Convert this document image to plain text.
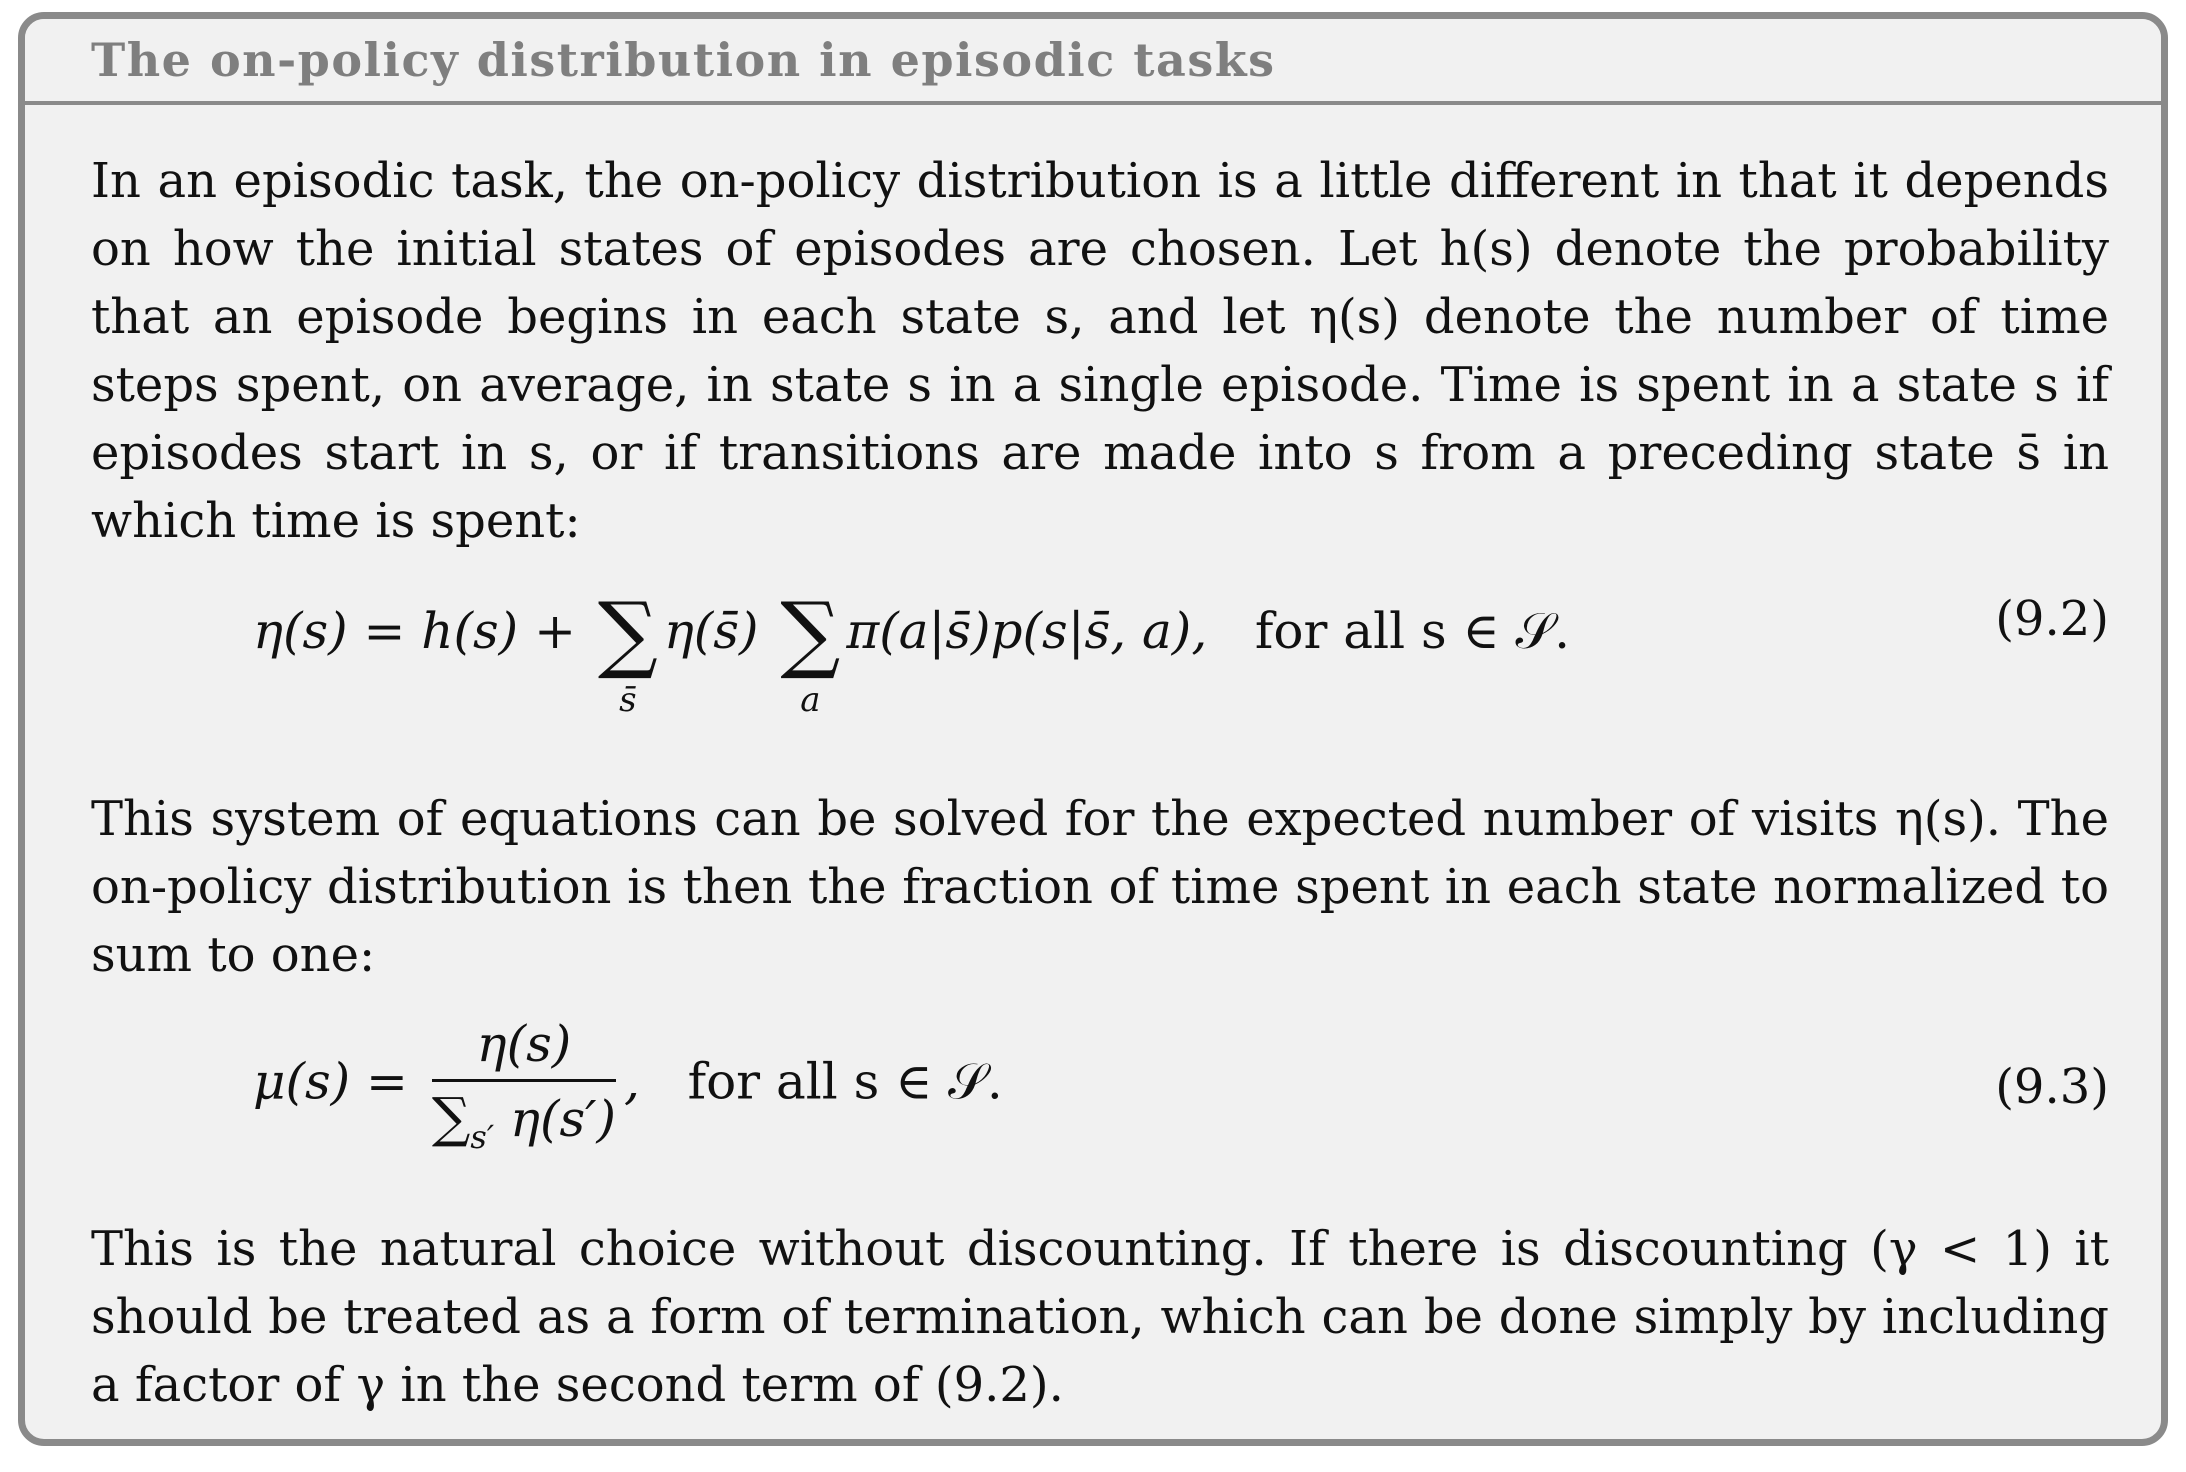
The on-policy distribution in episodic tasks

In an episodic task, the on-policy distribution is a little different in that it depends on how the initial states of episodes are chosen. Let h(s) denote the probability that an episode begins in each state s, and let η(s) denote the number of time steps spent, on average, in state s in a single episode. Time is spent in a state s if episodes start in s, or if transitions are made into s from a preceding state s̄ in which time is spent:

η(s) = h(s) + ∑
s̄
η(s̄) ∑
a
π(a|s̄)p(s|s̄, a), for all s ∈ 𝒮.	(9.2)

This system of equations can be solved for the expected number of visits η(s). The on-policy distribution is then the fraction of time spent in each state normalized to sum to one:

$\mu(s) = \frac{\eta(s)}{\sum_{s'} \eta(s')}$ ,   for all s ∈ 𝒮.	(9.3)

This is the natural choice without discounting. If there is discounting (γ < 1) it should be treated as a form of termination, which can be done simply by including a factor of γ in the second term of (9.2).
